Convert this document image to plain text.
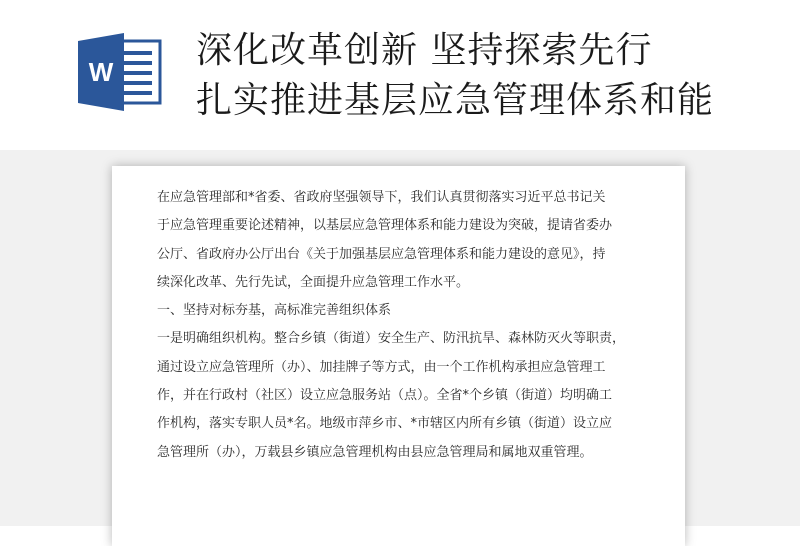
W
深化改革创新 坚持探索先行
扎实推进基层应急管理体系和能
在应急管理部和*省委、省政府坚强领导下，我们认真贯彻落实习近平总书记关
于应急管理重要论述精神，以基层应急管理体系和能力建设为突破，提请省委办
公厅、省政府办公厅出台《关于加强基层应急管理体系和能力建设的意见》，持
续深化改革、先行先试，全面提升应急管理工作水平。
一、坚持对标夯基，高标准完善组织体系
一是明确组织机构。整合乡镇（街道）安全生产、防汛抗旱、森林防灭火等职责，
通过设立应急管理所（办）、加挂牌子等方式，由一个工作机构承担应急管理工
作，并在行政村（社区）设立应急服务站（点）。全省*个乡镇（街道）均明确工
作机构，落实专职人员*名。地级市萍乡市、*市辖区内所有乡镇（街道）设立应
急管理所（办），万载县乡镇应急管理机构由县应急管理局和属地双重管理。
